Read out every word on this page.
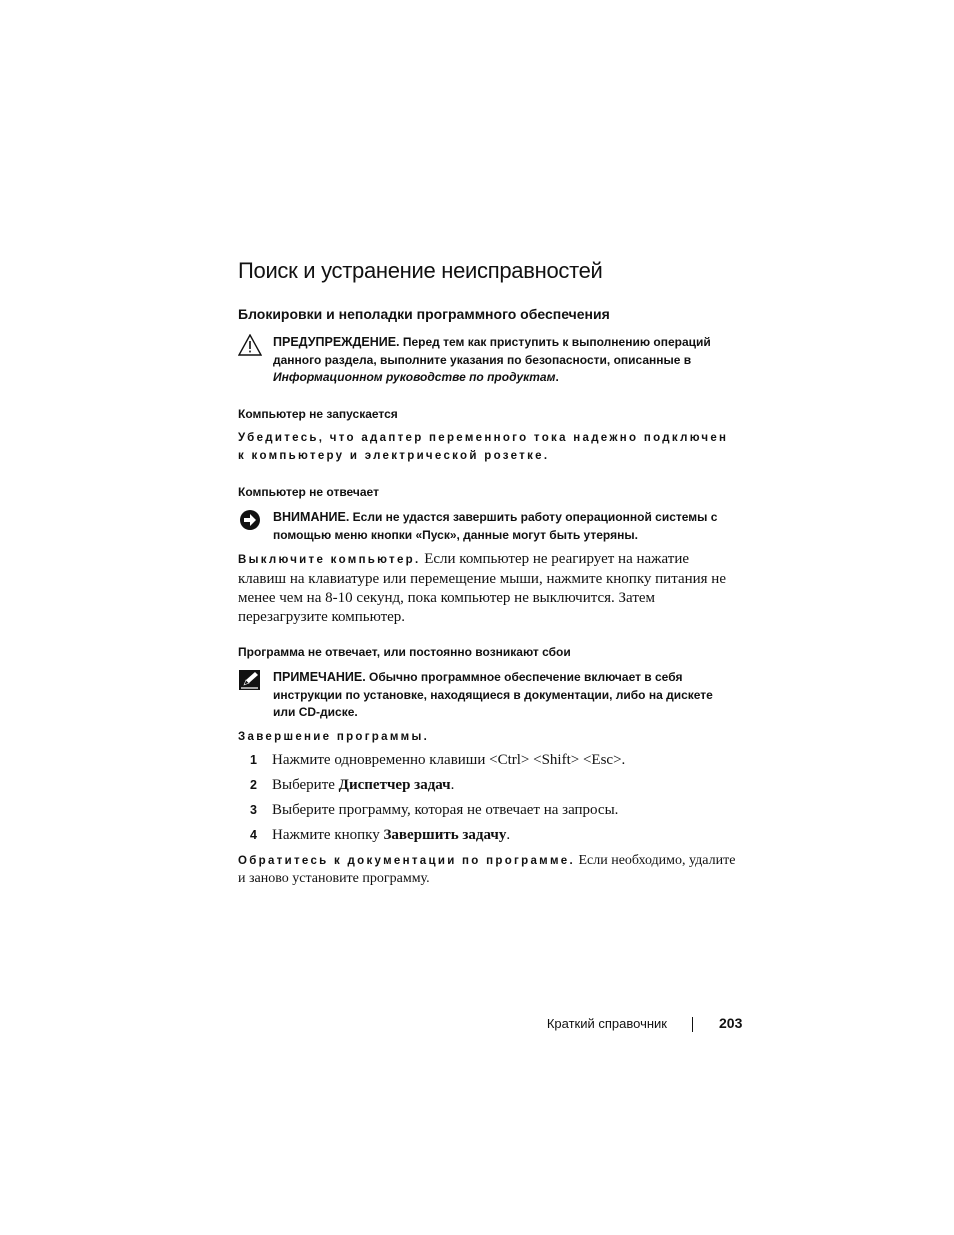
Поиск и устранение неисправностей
Блокировки и неполадки программного обеспечения
ПРЕДУПРЕЖДЕНИЕ. Перед тем как приступить к выполнению операций данного раздела, выполните указания по безопасности, описанные в Информационном руководстве по продуктам.
Компьютер не запускается
Убедитесь, что адаптер переменного тока надежно подключен к компьютеру и электрической розетке.
Компьютер не отвечает
ВНИМАНИЕ. Если не удастся завершить работу операционной системы с помощью меню кнопки «Пуск», данные могут быть утеряны.
Выключите компьютер. Если компьютер не реагирует на нажатие клавиш на клавиатуре или перемещение мыши, нажмите кнопку питания не менее чем на 8-10 секунд, пока компьютер не выключится. Затем перезагрузите компьютер.
Программа не отвечает, или постоянно возникают сбои
ПРИМЕЧАНИЕ. Обычно программное обеспечение включает в себя инструкции по установке, находящиеся в документации, либо на дискете или CD-диске.
Завершение программы.
1 Нажмите одновременно клавиши <Ctrl> <Shift> <Esc>.
2 Выберите Диспетчер задач.
3 Выберите программу, которая не отвечает на запросы.
4 Нажмите кнопку Завершить задачу.
Обратитесь к документации по программе. Если необходимо, удалите и заново установите программу.
Краткий справочник	203
